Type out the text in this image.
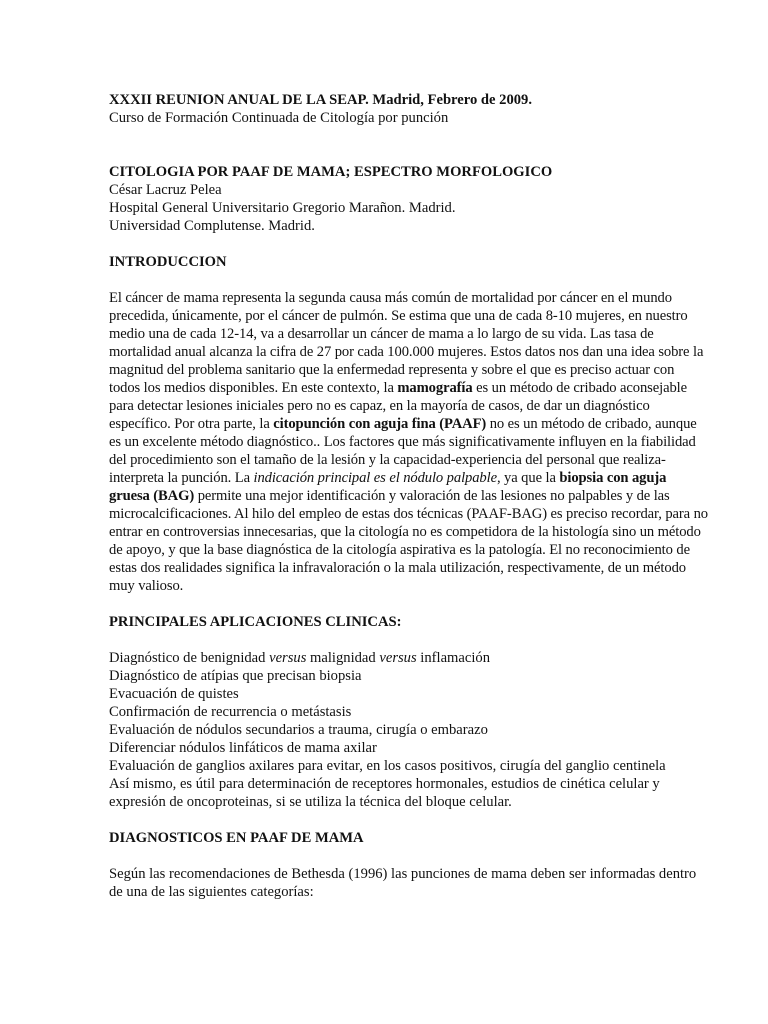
XXXII REUNION ANUAL DE LA SEAP. Madrid, Febrero de 2009.

Curso de Formación Continuada de Citología por punción

CITOLOGIA POR PAAF DE MAMA; ESPECTRO MORFOLOGICO

César Lacruz Pelea

Hospital General Universitario Gregorio Marañon. Madrid.

Universidad Complutense. Madrid.

INTRODUCCION

El cáncer de mama representa la segunda causa más común de mortalidad por cáncer en el mundo precedida, únicamente, por el cáncer de pulmón. Se estima que una de cada 8-10 mujeres, en nuestro medio una de cada 12-14, va a desarrollar un cáncer de mama a lo largo de su vida. Las tasa de mortalidad anual alcanza la cifra de 27 por cada 100.000 mujeres. Estos datos nos dan una idea sobre la magnitud del problema sanitario que la enfermedad representa y sobre el que es preciso actuar con todos los medios disponibles. En este contexto, la mamografía es un método de cribado aconsejable para detectar lesiones iniciales pero no es capaz, en la mayoría de casos, de dar un diagnóstico específico. Por otra parte, la citopunción con aguja fina (PAAF) no es un método de cribado, aunque es un excelente método diagnóstico.. Los factores que más significativamente influyen en la fiabilidad del procedimiento son el tamaño de la lesión y la capacidad-experiencia del personal que realiza-interpreta la punción. La indicación principal es el nódulo palpable, ya que la biopsia con aguja gruesa (BAG) permite una mejor identificación y valoración de las lesiones no palpables y de las microcalcificaciones. Al hilo del empleo de estas dos técnicas (PAAF-BAG) es preciso recordar, para no entrar en controversias innecesarias, que la citología no es competidora de la histología sino un método de apoyo, y que la base diagnóstica de la citología aspirativa es la patología. El no reconocimiento de estas dos realidades significa la infravaloración o la mala utilización, respectivamente, de un método muy valioso.

PRINCIPALES APLICACIONES CLINICAS:

Diagnóstico de benignidad versus malignidad versus inflamación

Diagnóstico de atípias que precisan biopsia

Evacuación de quistes

Confirmación de recurrencia o metástasis

Evaluación de nódulos secundarios a trauma, cirugía o embarazo

Diferenciar nódulos linfáticos de mama axilar

Evaluación de ganglios axilares para evitar, en los casos positivos, cirugía del ganglio centinela

Así mismo, es útil para determinación de receptores hormonales, estudios de cinética celular y expresión de oncoproteinas, si se utiliza la técnica del bloque celular.

DIAGNOSTICOS EN PAAF DE MAMA

Según las recomendaciones de Bethesda (1996) las punciones de mama deben ser informadas dentro de una de las siguientes categorías:
